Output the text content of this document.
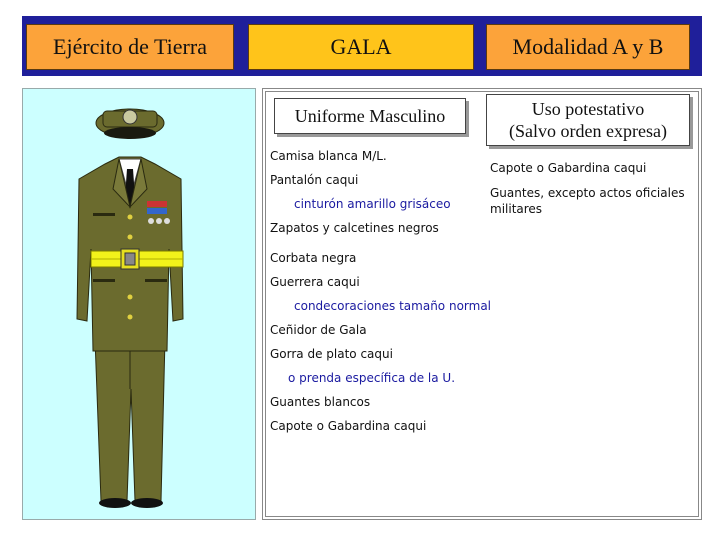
Ejército de Tierra	GALA	Modalidad A y B
Uniforme Masculino	Uso potestativo
(Salvo orden expresa)
Capote o Gabardina caqui
Guantes, excepto actos oficiales militares
Camisa blanca M/L.
Pantalón caqui
cinturón amarillo grisáceo
Zapatos y calcetines negros
Corbata negra
Guerrera caqui
condecoraciones tamaño normal
Ceñidor de Gala
Gorra de plato caqui
o prenda específica de la U.
Guantes blancos
Capote o Gabardina caqui
